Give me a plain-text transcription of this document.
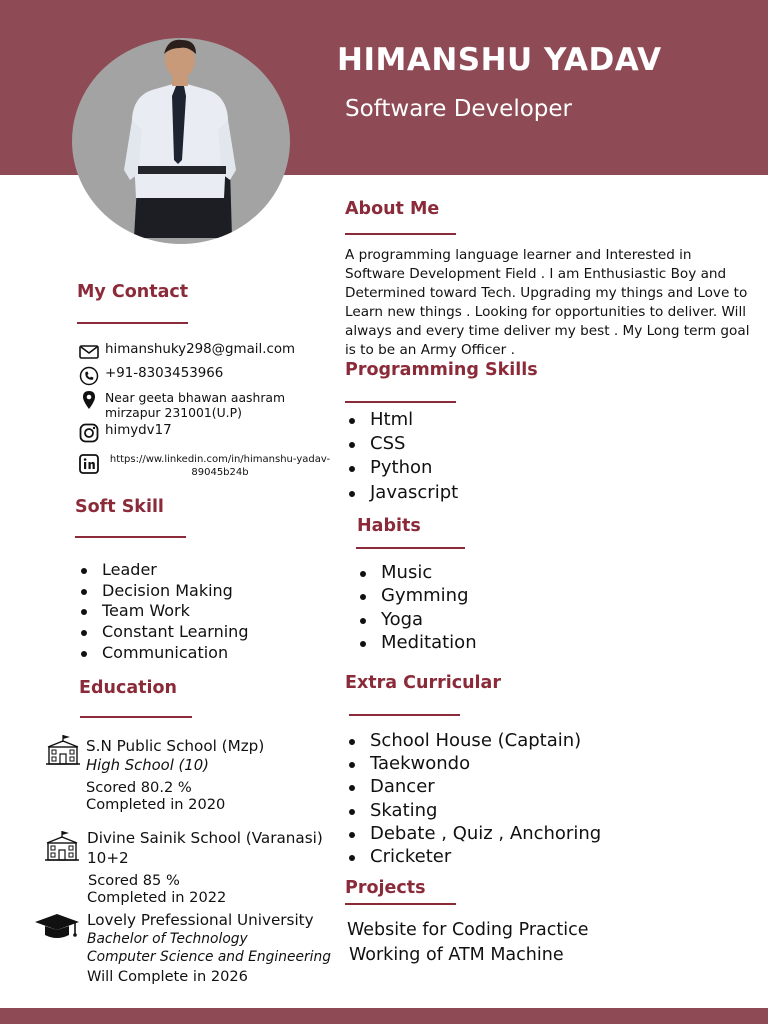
HIMANSHU YADAV
Software Developer
About Me
A programming language learner and Interested in Software Development Field . I am Enthusiastic Boy and Determined toward Tech. Upgrading my things and Love to Learn new things . Looking for opportunities to deliver. Will always and every time deliver my best . My Long term goal is to be an Army Officer .
My Contact
himanshuky298@gmail.com
+91-8303453966
Near geeta bhawan aashram mirzapur 231001(U.P)
himydv17
https://ww.linkedin.com/in/himanshu-yadav-89045b24b
Soft Skill
Leader
Decision Making
Team Work
Constant Learning
Communication
Education
S.N Public School (Mzp)
High School (10)
Scored 80.2 %
Completed in 2020
Divine Sainik School (Varanasi)
10+2
Scored 85 %
Completed in 2022
Lovely Prefessional University
Bachelor of Technology
Computer Science and Engineering
Will Complete in 2026
Programming Skills
Html
CSS
Python
Javascript
Habits
Music
Gymming
Yoga
Meditation
Extra Curricular
School House (Captain)
Taekwondo
Dancer
Skating
Debate , Quiz , Anchoring
Cricketer
Projects
Website for Coding Practice
Working of ATM Machine
